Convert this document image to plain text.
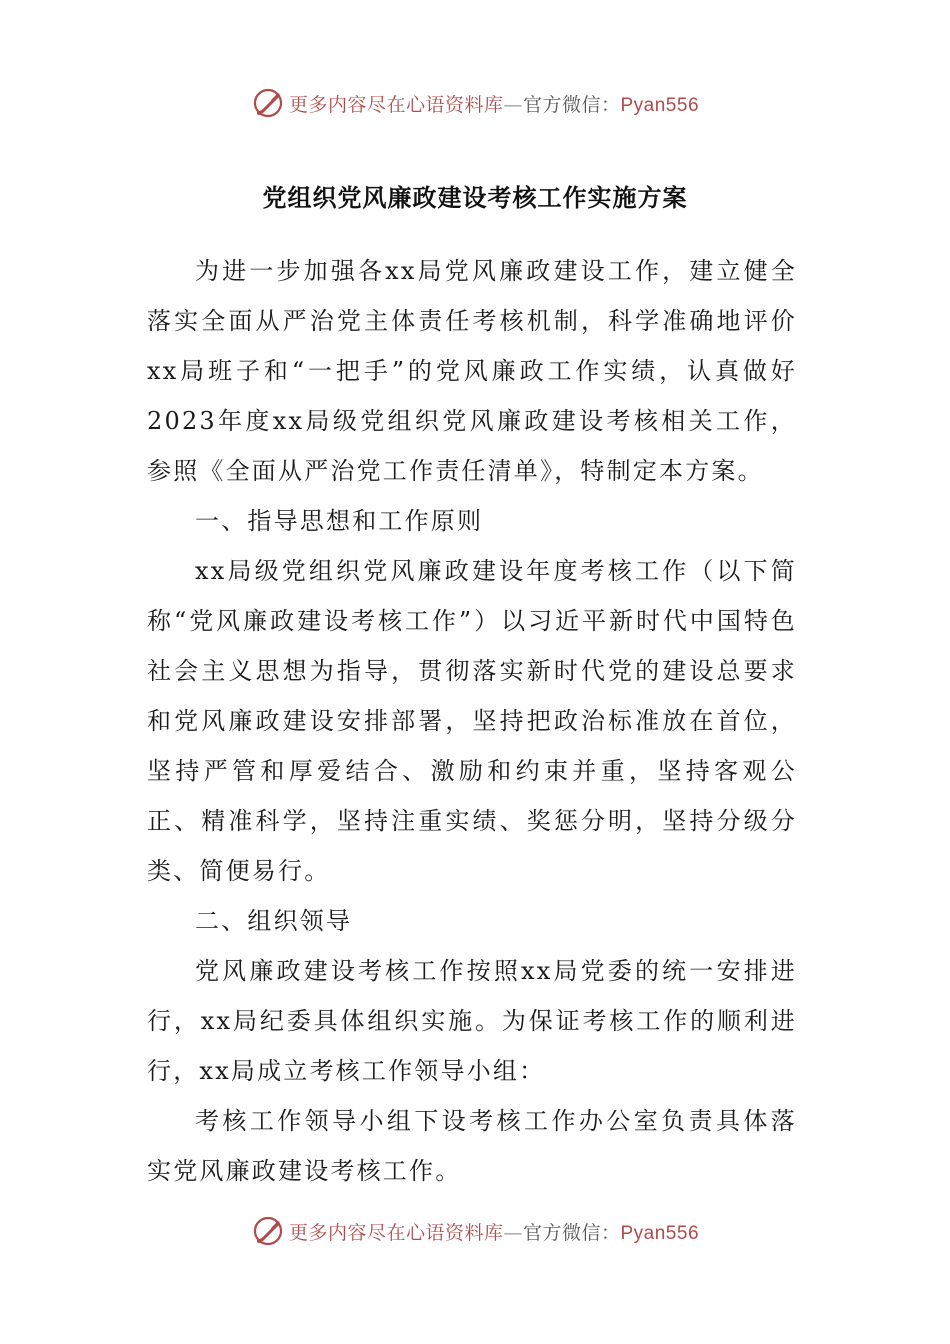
更多内容尽在心语资料库—官方微信：Pyan556
党组织党风廉政建设考核工作实施方案

为进一步加强各xx局党风廉政建设工作，建立健全落实全面从严治党主体责任考核机制，科学准确地评价xx局班子和“一把手”的党风廉政工作实绩，认真做好2023年度xx局级党组织党风廉政建设考核相关工作，参照《全面从严治党工作责任清单》，特制定本方案。

一、指导思想和工作原则

xx局级党组织党风廉政建设年度考核工作（以下简称“党风廉政建设考核工作”）以习近平新时代中国特色社会主义思想为指导，贯彻落实新时代党的建设总要求和党风廉政建设安排部署，坚持把政治标准放在首位，坚持严管和厚爱结合、激励和约束并重，坚持客观公正、精准科学，坚持注重实绩、奖惩分明，坚持分级分类、简便易行。

二、组织领导

党风廉政建设考核工作按照xx局党委的统一安排进行，xx局纪委具体组织实施。为保证考核工作的顺利进行，xx局成立考核工作领导小组：

考核工作领导小组下设考核工作办公室负责具体落实党风廉政建设考核工作。

更多内容尽在心语资料库—官方微信：Pyan556
